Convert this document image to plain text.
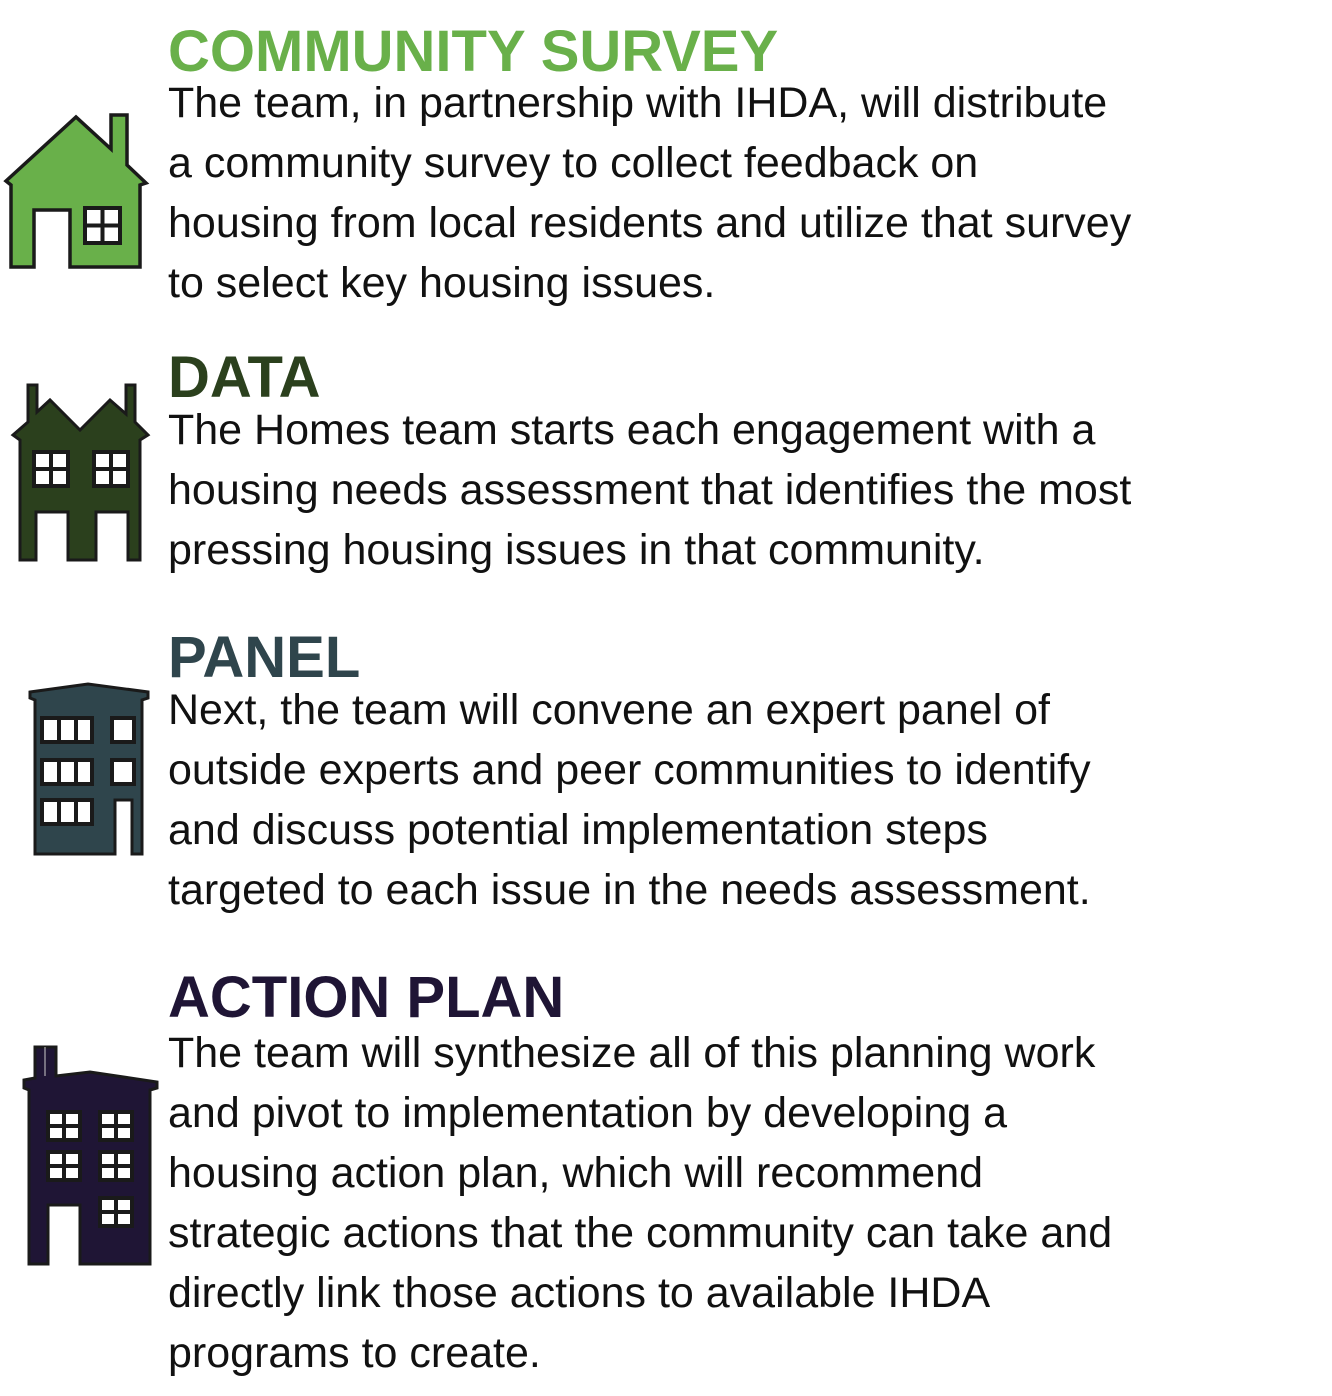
COMMUNITY SURVEY
The team, in partnership with IHDA, will distribute
a community survey to collect feedback on
housing from local residents and utilize that survey
to select key housing issues.
DATA
The Homes team starts each engagement with a
housing needs assessment that identifies the most
pressing housing issues in that community.
PANEL
Next, the team will convene an expert panel of
outside experts and peer communities to identify
and discuss potential implementation steps
targeted to each issue in the needs assessment.
ACTION PLAN
The team will synthesize all of this planning work
and pivot to implementation by developing a
housing action plan, which will recommend
strategic actions that the community can take and
directly link those actions to available IHDA
programs to create.
